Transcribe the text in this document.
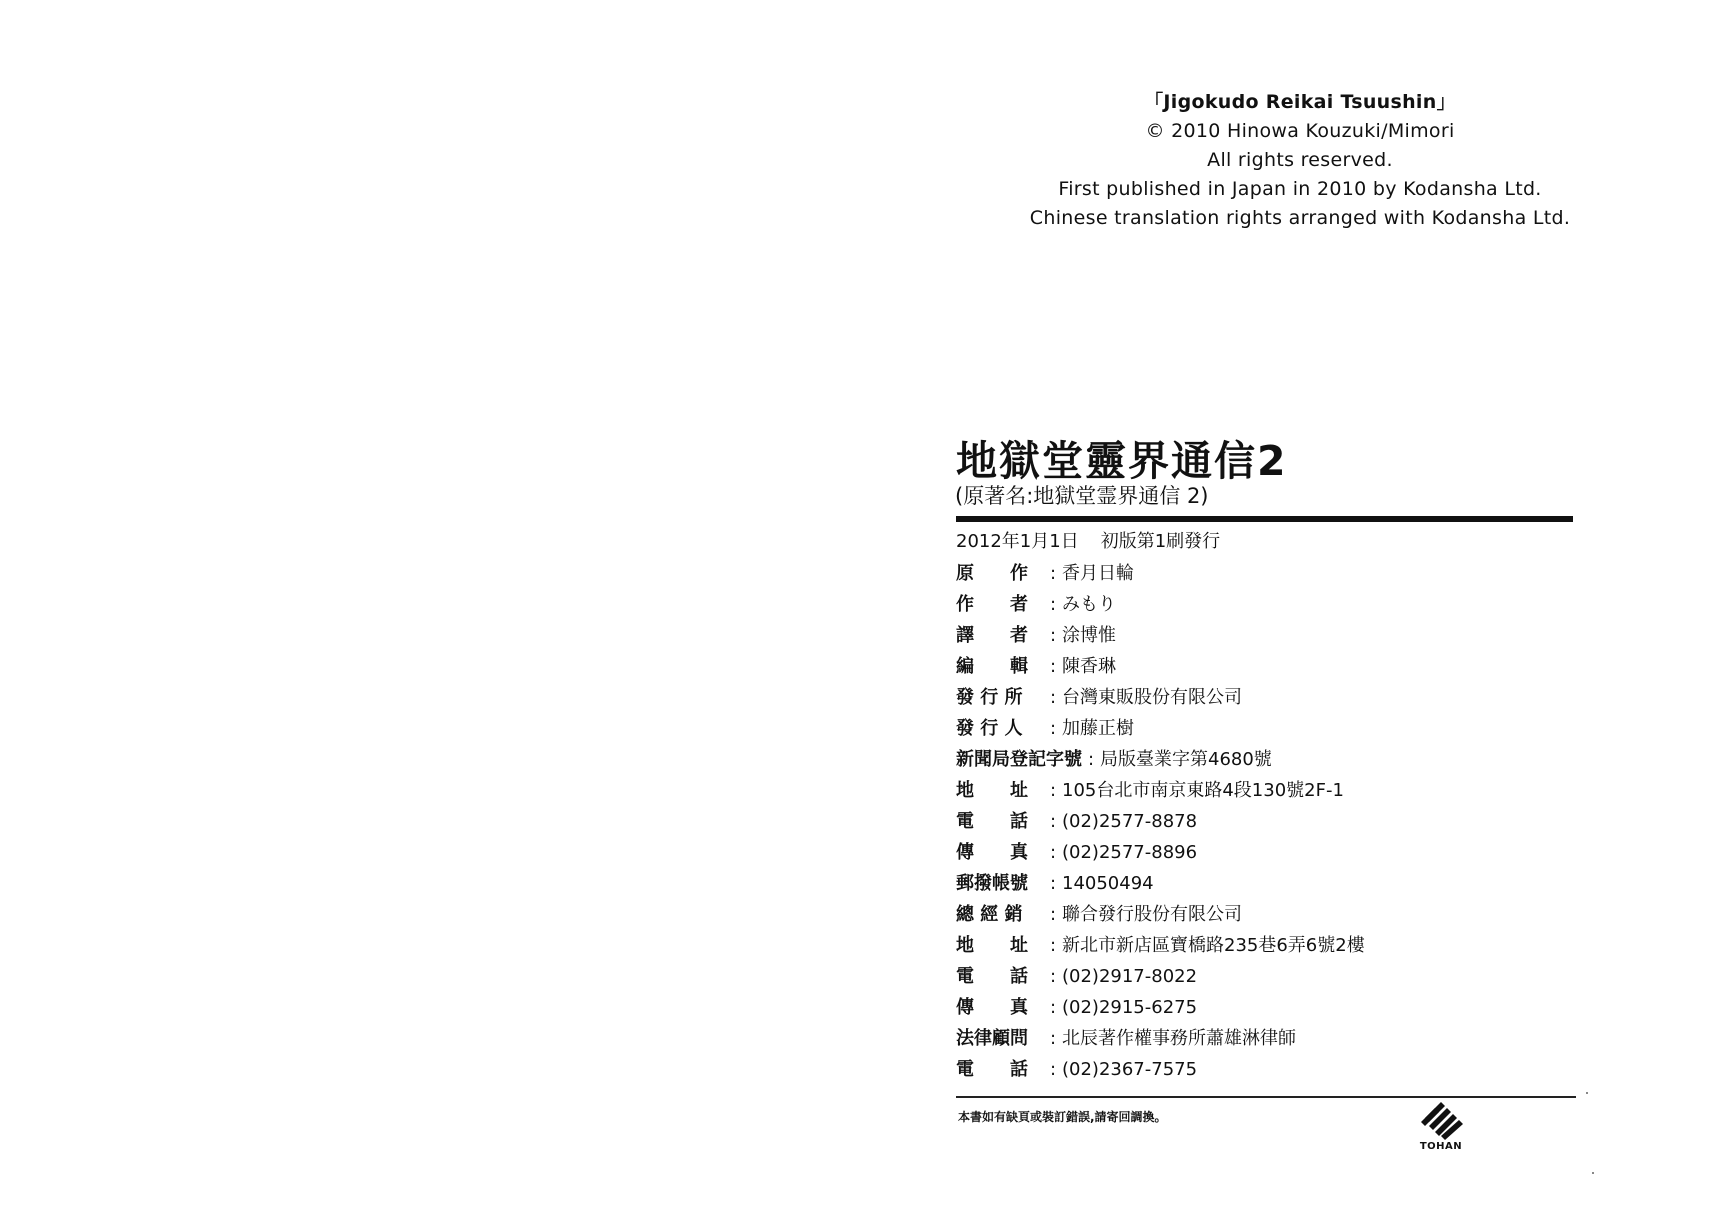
「Jigokudo Reikai Tsuushin」
© 2010 Hinowa Kouzuki/Mimori
All rights reserved.
First published in Japan in 2010 by Kodansha Ltd.
Chinese translation rights arranged with Kodansha Ltd.
地獄堂靈界通信2
(原著名:地獄堂霊界通信 2)
2012年1月1日 初版第1刷發行
原　　作	: 香月日輪
作　　者	: みもり
譯　　者	: 涂博惟
編　　輯	: 陳香琳
發 行 所	: 台灣東販股份有限公司
發 行 人	: 加藤正樹
新聞局登記字號 : 局版臺業字第4680號
地　　址	: 105台北市南京東路4段130號2F-1
電　　話	: (02)2577-8878
傳　　真	: (02)2577-8896
郵撥帳號	: 14050494
總 經 銷	: 聯合發行股份有限公司
地　　址	: 新北市新店區寶橋路235巷6弄6號2樓
電　　話	: (02)2917-8022
傳　　真	: (02)2915-6275
法律顧問	: 北辰著作權事務所蕭雄淋律師
電　　話	: (02)2367-7575
本書如有缺頁或裝訂錯誤,請寄回調換。
TOHAN
